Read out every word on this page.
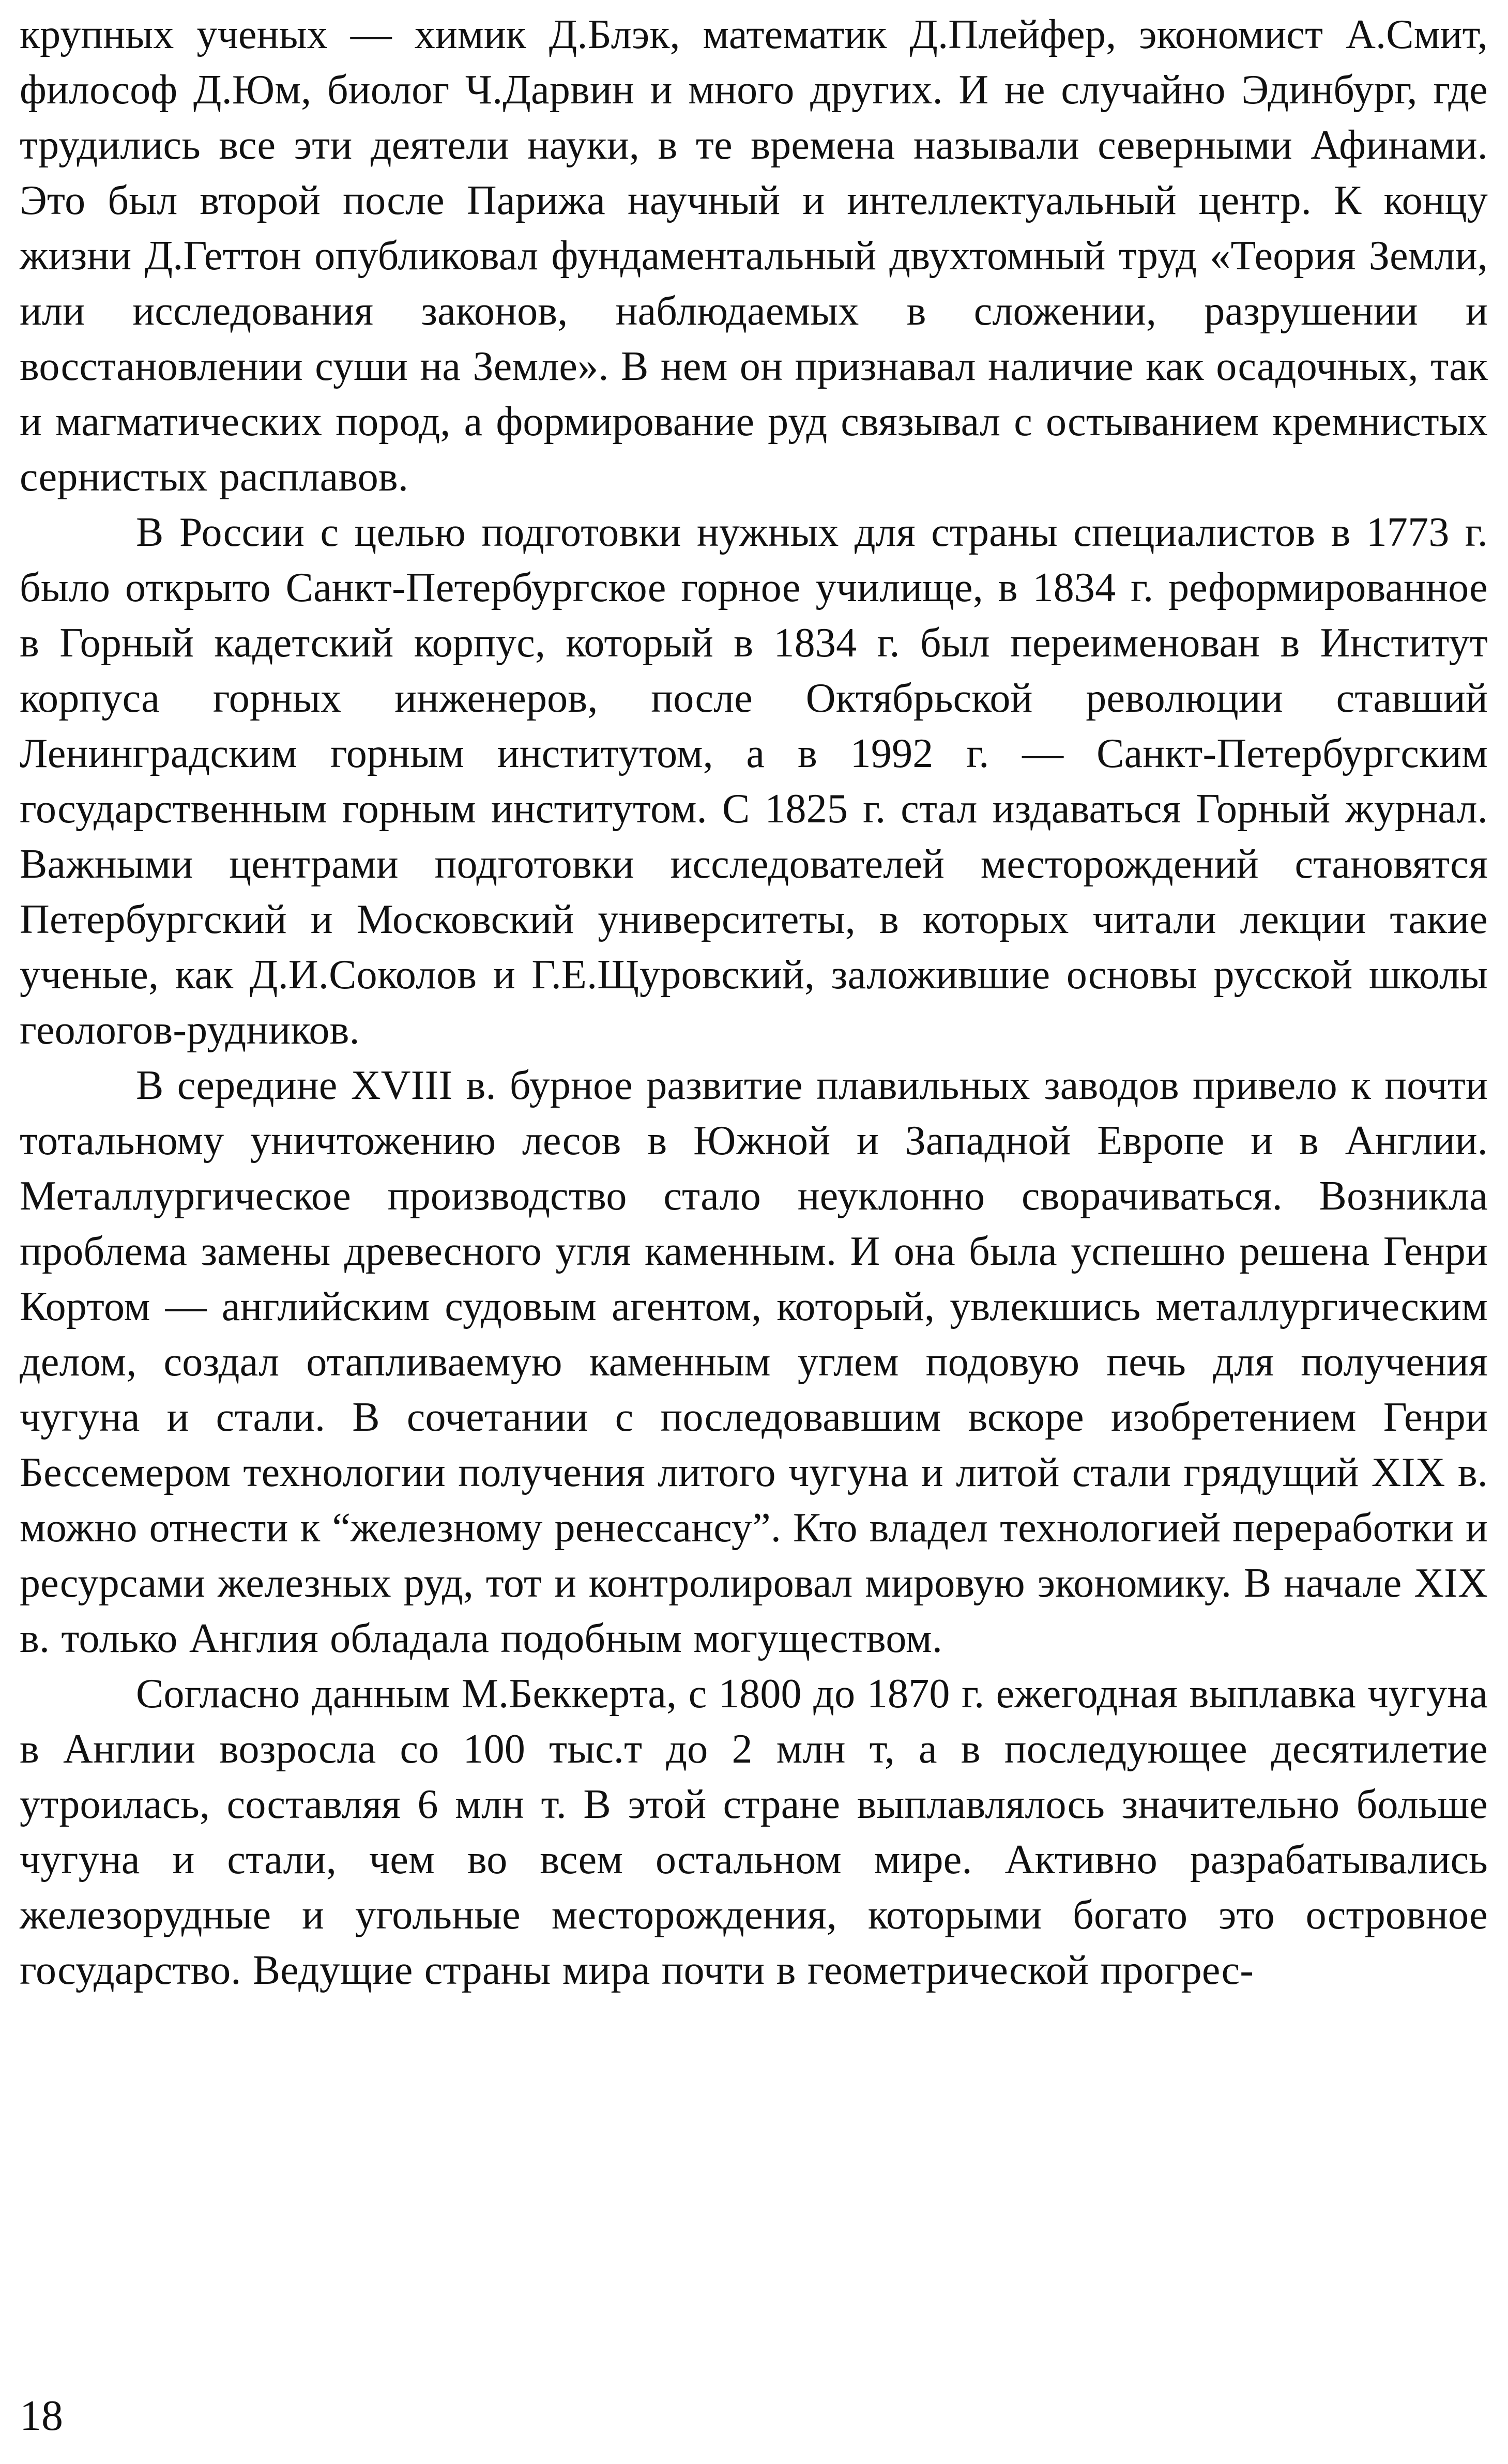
крупных ученых — химик Д.Блэк, математик Д.Плейфер, экономист А.Смит, философ Д.Юм, биолог Ч.Дарвин и много других. И не случайно Эдинбург, где трудились все эти деятели науки, в те времена называли северными Афинами. Это был второй после Парижа научный и интеллектуальный центр. К концу жизни Д.Геттон опубликовал фундаментальный двухтомный труд «Теория Земли, или исследования законов, наблюдаемых в сложении, разрушении и восстановлении суши на Земле». В нем он признавал наличие как осадочных, так и магматических пород, а формирование руд связывал с остыванием кремнистых сернистых расплавов.

В России с целью подготовки нужных для страны специалистов в 1773 г. было открыто Санкт-Петербургское горное училище, в 1834 г. реформированное в Горный кадетский корпус, который в 1834 г. был переименован в Институт корпуса горных инженеров, после Октябрьской революции ставший Ленинградским горным институтом, а в 1992 г. — Санкт-Петербургским государственным горным институтом. С 1825 г. стал издаваться Горный журнал. Важными центрами подготовки исследователей месторождений становятся Петербургский и Московский университеты, в которых читали лекции такие ученые, как Д.И.Соколов и Г.Е.Щуровский, заложившие основы русской школы геологов-рудников.

В середине XVIII в. бурное развитие плавильных заводов привело к почти тотальному уничтожению лесов в Южной и Западной Европе и в Англии. Металлургическое производство стало неуклонно сворачиваться. Возникла проблема замены древесного угля каменным. И она была успешно решена Генри Кортом — английским судовым агентом, который, увлекшись металлургическим делом, создал отапливаемую каменным углем подовую печь для получения чугуна и стали. В сочетании с последовавшим вскоре изобретением Генри Бессемером технологии получения литого чугуна и литой стали грядущий XIX в. можно отнести к “железному ренессансу”. Кто владел технологией переработки и ресурсами железных руд, тот и контролировал мировую экономику. В начале XIX в. только Англия обладала подобным могуществом.

Согласно данным М.Беккерта, с 1800 до 1870 г. ежегодная выплавка чугуна в Англии возросла со 100 тыс.т до 2 млн т, а в последующее десятилетие утроилась, составляя 6 млн т. В этой стране выплавлялось значительно больше чугуна и стали, чем во всем остальном мире. Активно разрабатывались железорудные и угольные месторождения, которыми богато это островное государство. Ведущие страны мира почти в геометрической прогрес-

18
